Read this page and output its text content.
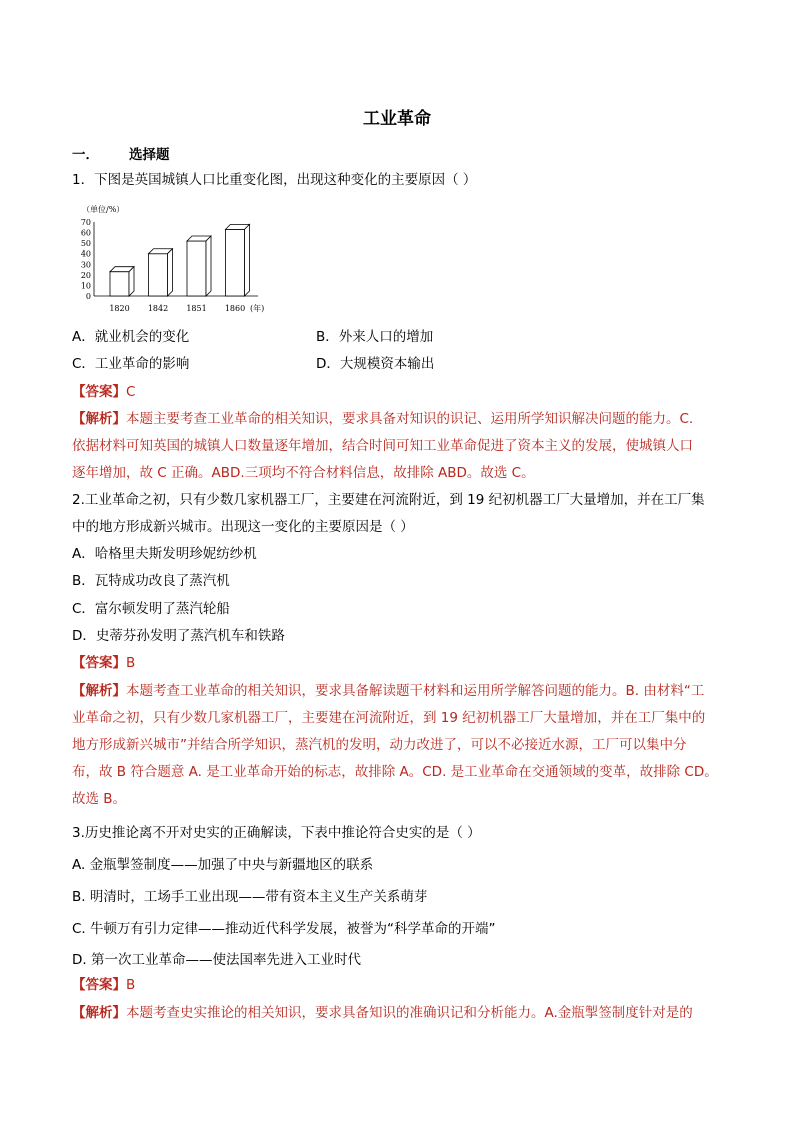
工业革命
一． 选择题
1．下图是英国城镇人口比重变化图，出现这种变化的主要原因（ ）
（单位/%）
70
60
50
40
30
20
10
0
1820 1842 1851 1860 (年)
A．就业机会的变化	B．外来人口的增加
C．工业革命的影响	D．大规模资本输出
【答案】C
【解析】本题主要考查工业革命的相关知识，要求具备对知识的识记、运用所学知识解决问题的能力。C.
依据材料可知英国的城镇人口数量逐年增加，结合时间可知工业革命促进了资本主义的发展，使城镇人口
逐年增加，故 C 正确。ABD.三项均不符合材料信息，故排除 ABD。故选 C。
2.工业革命之初，只有少数几家机器工厂，主要建在河流附近，到 19 纪初机器工厂大量增加，并在工厂集
中的地方形成新兴城市。出现这一变化的主要原因是（ ）
A．哈格里夫斯发明珍妮纺纱机
B．瓦特成功改良了蒸汽机
C．富尔顿发明了蒸汽轮船
D．史蒂芬孙发明了蒸汽机车和铁路
【答案】B
【解析】本题考查工业革命的相关知识，要求具备解读题干材料和运用所学解答问题的能力。B. 由材料“工
业革命之初，只有少数几家机器工厂，主要建在河流附近，到 19 纪初机器工厂大量增加，并在工厂集中的
地方形成新兴城市”并结合所学知识，蒸汽机的发明，动力改进了，可以不必接近水源，工厂可以集中分
布，故 B 符合题意 A. 是工业革命开始的标志，故排除 A。CD. 是工业革命在交通领域的变革，故排除 CD。
故选 B。
3.历史推论离不开对史实的正确解读，下表中推论符合史实的是（ ）
A. 金瓶掣签制度——加强了中央与新疆地区的联系
B. 明清时，工场手工业出现——带有资本主义生产关系萌芽
C. 牛顿万有引力定律——推动近代科学发展，被誉为“科学革命的开端”
D. 第一次工业革命——使法国率先进入工业时代
【答案】B
【解析】本题考查史实推论的相关知识，要求具备知识的准确识记和分析能力。A.金瓶掣签制度针对是的
